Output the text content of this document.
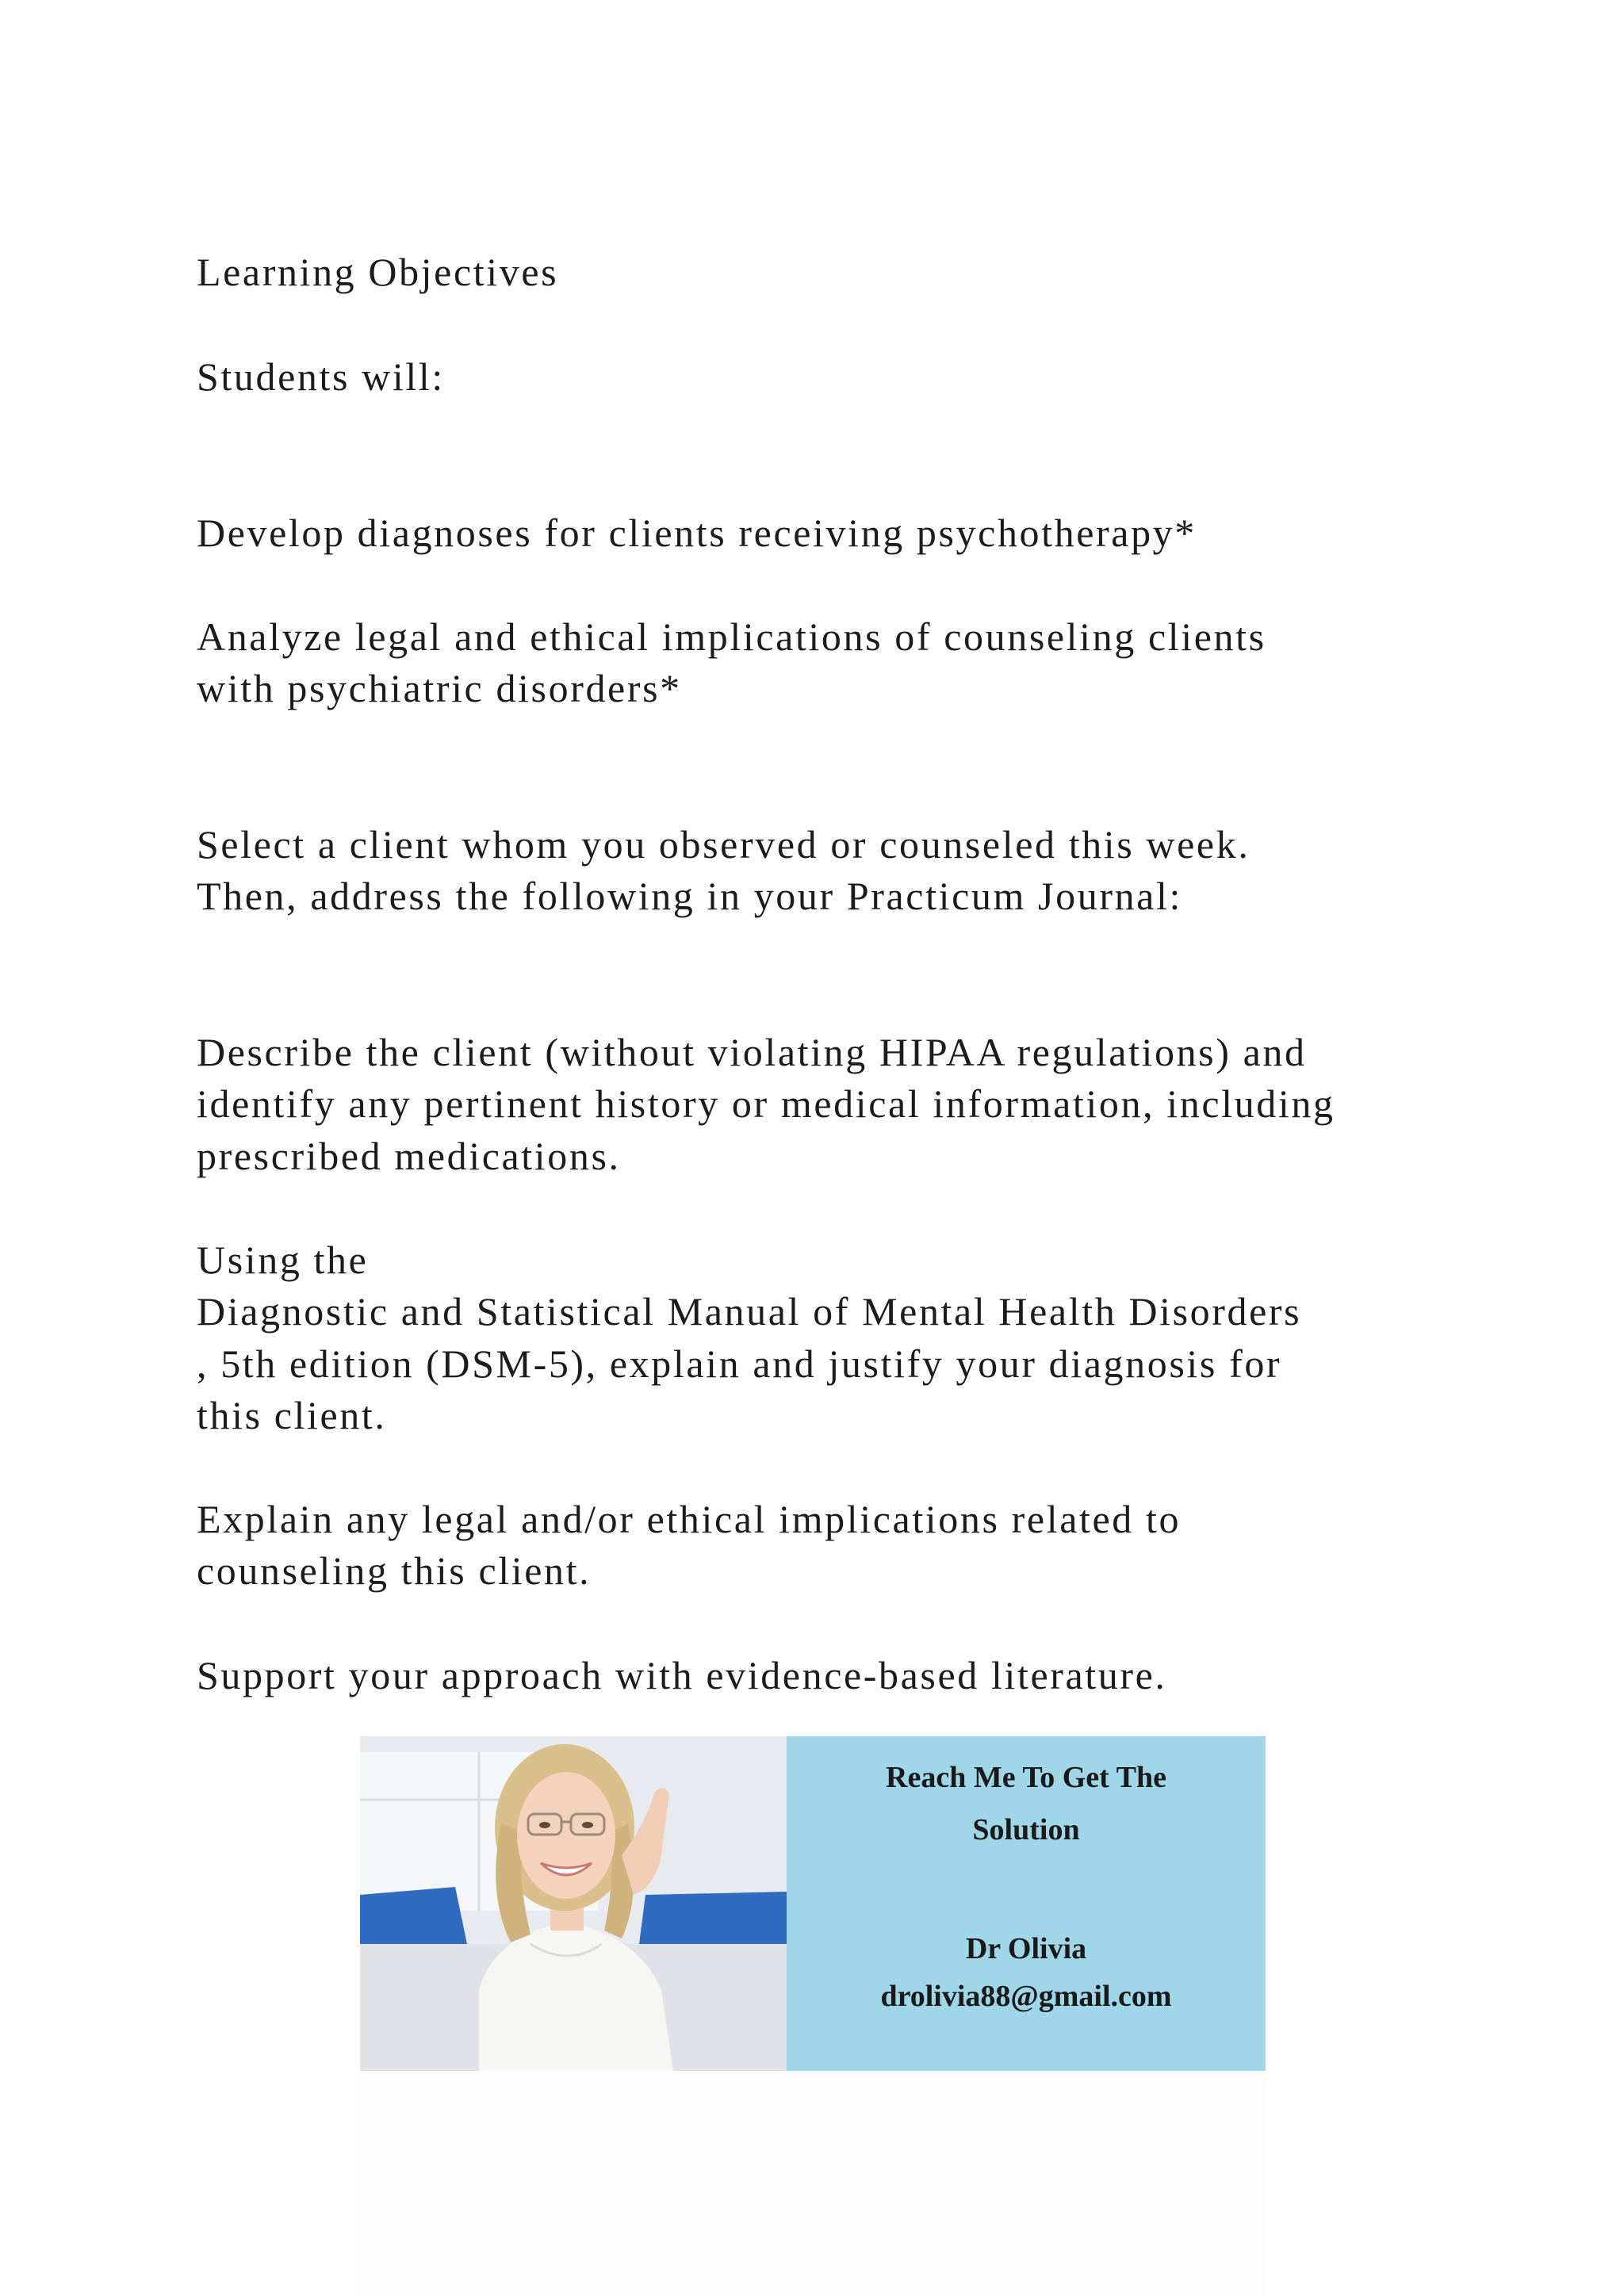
Learning Objectives
Students will:
Develop diagnoses for clients receiving psychotherapy*
Analyze legal and ethical implications of counseling clients
with psychiatric disorders*
Select a client whom you observed or counseled this week.
Then, address the following in your Practicum Journal:
Describe the client (without violating HIPAA regulations) and
identify any pertinent history or medical information, including
prescribed medications.
Using the
Diagnostic and Statistical Manual of Mental Health Disorders
, 5th edition (DSM-5), explain and justify your diagnosis for
this client.
Explain any legal and/or ethical implications related to
counseling this client.
Support your approach with evidence-based literature.
Reach Me To Get The
Solution
Dr Olivia
drolivia88@gmail.com
